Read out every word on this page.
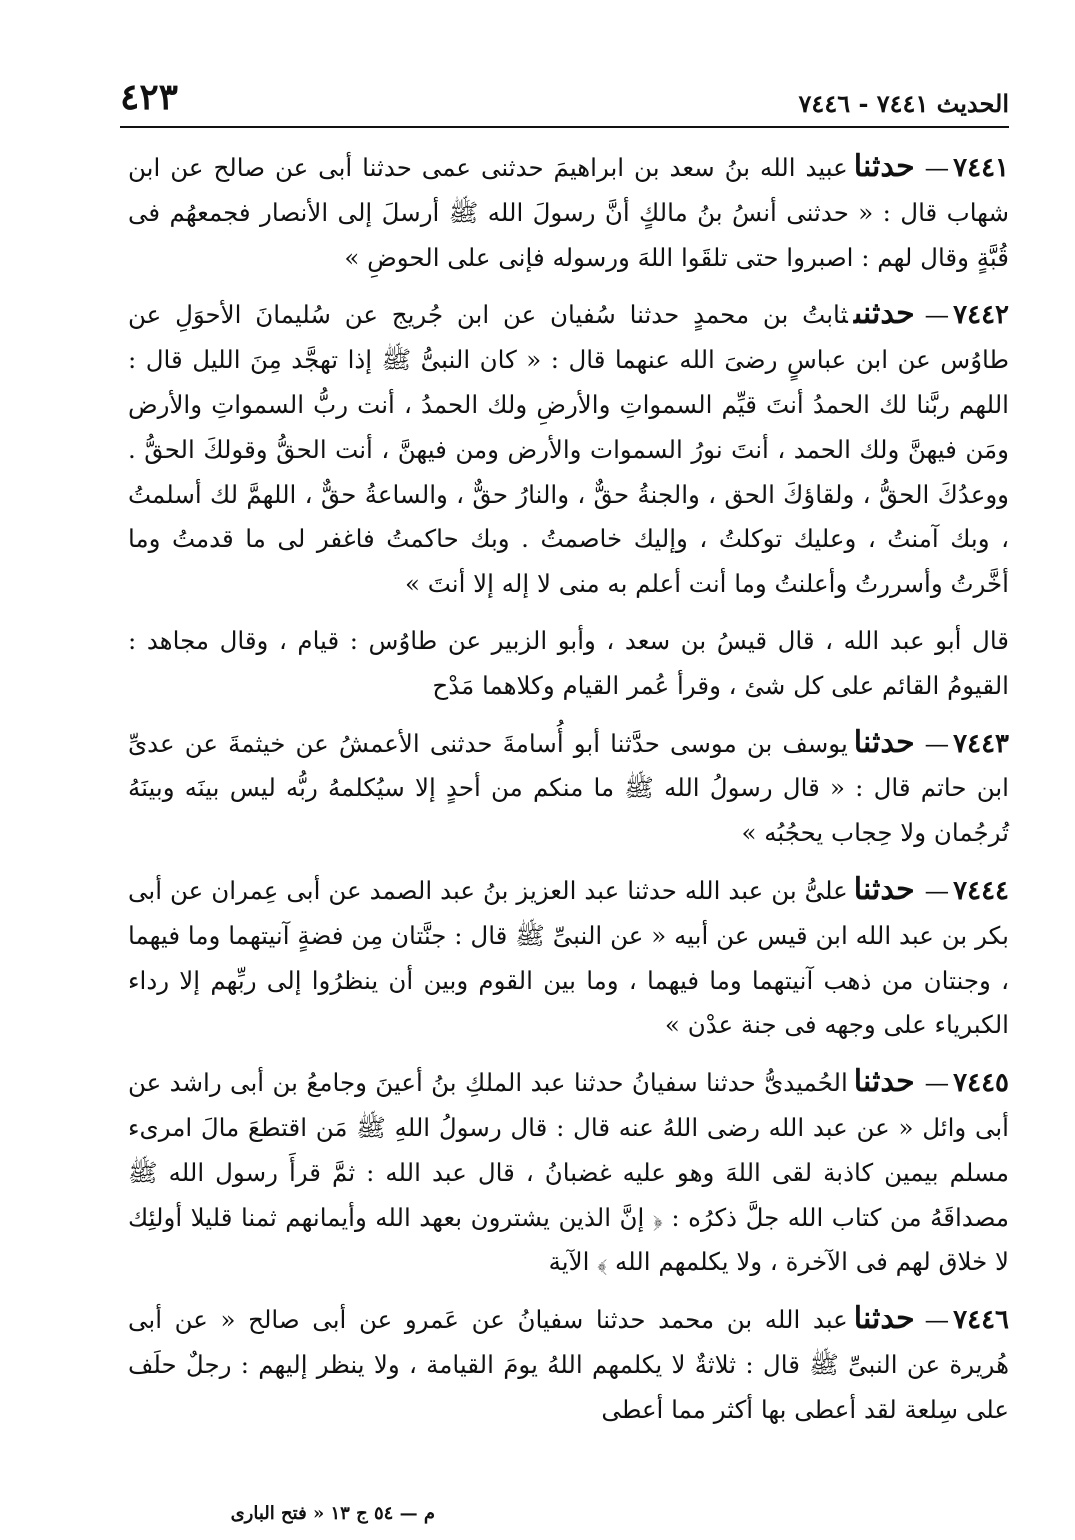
الحديث ٧٤٤١ - ٧٤٤٦
٤٢٣

٧٤٤١—حدثناعبيد الله بنُ سعد بن ابراهيمَ حدثنى عمى حدثنا أبى عن صالح عن ابن شهاب قال : « حدثنى أنسُ بنُ مالكٍ أنَّ رسولَ الله ﷺ أرسلَ إلى الأنصار فجمعهُم فى قُبَّةٍ وقال لهم : اصبروا حتى تلقَوا اللهَ ورسوله فإنى على الحوضِ »

٧٤٤٢—حدثنىثابتُ بن محمدٍ حدثنا سُفيان عن ابن جُريج عن سُليمانَ الأحوَلِ عن طاوُس عن ابن عباسٍ رضىَ الله عنهما قال : « كان النبىُّ ﷺ إذا تهجَّد مِنَ الليل قال : اللهم ربَّنا لك الحمدُ أنتَ قيِّم السمواتِ والأرضِ ولك الحمدُ ، أنت ربُّ السمواتِ والأرض ومَن فيهنَّ ولك الحمد ، أنتَ نورُ السموات والأرض ومن فيهنَّ ، أنت الحقُّ وقولكَ الحقُّ . ووعدُكَ الحقُّ ، ولقاؤكَ الحق ، والجنةُ حقٌّ ، والنارُ حقٌّ ، والساعةُ حقٌّ ، اللهمَّ لك أسلمتُ ، وبك آمنتُ ، وعليك توكلتُ ، وإليك خاصمتُ . وبك حاكمتُ فاغفر لى ما قدمتُ وما أخَّرتُ وأسررتُ وأعلنتُ وما أنت أعلم به منى لا إله إلا أنتَ »

قال أبو عبد الله ، قال قيسُ بن سعد ، وأبو الزبير عن طاوُس : قيام ، وقال مجاهد : القيومُ القائم على كل شئ ، وقرأ عُمر القيام وكلاهما مَدْح

٧٤٤٣—حدثنايوسف بن موسى حدَّثنا أبو أُسامةَ حدثنى الأعمشُ عن خيثمةَ عن عدىِّ ابن حاتم قال : « قال رسولُ الله ﷺ ما منكم من أحدٍ إلا سيُكلمهُ ربُّه ليس بينَه وبينَهُ تُرجُمان ولا حِجاب يحجُبُه »

٧٤٤٤—حدثناعلىُّ بن عبد الله حدثنا عبد العزيز بنُ عبد الصمد عن أبى عِمران عن أبى بكر بن عبد الله ابن قيس عن أبيه « عن النبىِّ ﷺ قال : جنَّتان مِن فضةٍ آنيتهما وما فيهما ، وجنتان من ذهب آنيتهما وما فيهما ، وما بين القوم وبين أن ينظرُوا إلى ربِّهم إلا رداء الكبرياء على وجهه فى جنة عدْن »

٧٤٤٥—حدثناالحُميدىُّ حدثنا سفيانُ حدثنا عبد الملكِ بنُ أعينَ وجامعُ بن أبى راشد عن أبى وائل « عن عبد الله رضى اللهُ عنه قال : قال رسولُ اللهِ ﷺ مَن اقتطعَ مالَ امرىء مسلم بيمين كاذبة لقى اللهَ وهو عليه غضبانُ ، قال عبد الله : ثمَّ قرأَ رسول الله ﷺ مصداقَهُ من كتاب الله جلَّ ذكرُه : ﴿ إنَّ الذين يشترون بعهد الله وأيمانهم ثمنا قليلا أولئِك لا خلاق لهم فى الآخرة ، ولا يكلمهم الله ﴾ الآية

٧٤٤٦—حدثناعبد الله بن محمد حدثنا سفيانُ عن عَمرو عن أبى صالح « عن أبى هُريرة عن النبىِّ ﷺ قال : ثلاثةٌ لا يكلمهم اللهُ يومَ القيامة ، ولا ينظر إليهم : رجلٌ حلَف على سِلعة لقد أعطى بها أكثر مما أعطى

م — ٥٤ ج ١٣ « فتح البارى
